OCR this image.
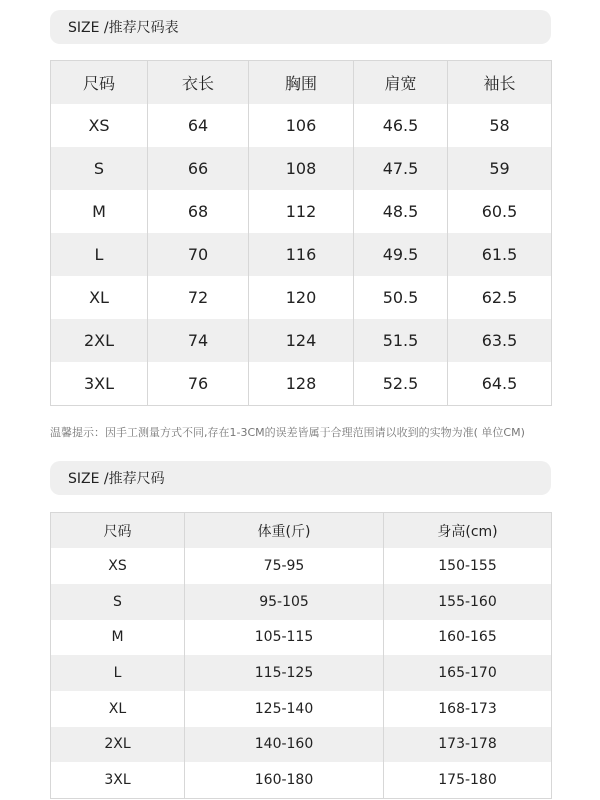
SIZE /推荐尺码表
尺码	衣长	胸围	肩宽	袖长
XS	64	106	46.5	58
S	66	108	47.5	59
M	68	112	48.5	60.5
L	70	116	49.5	61.5
XL	72	120	50.5	62.5
2XL	74	124	51.5	63.5
3XL	76	128	52.5	64.5
温馨提示：因手工测量方式不同,存在1-3CM的误差皆属于合理范围请以收到的实物为准( 单位CM)
SIZE /推荐尺码
尺码	体重(斤)	身高(cm)
XS	75-95	150-155
S	95-105	155-160
M	105-115	160-165
L	115-125	165-170
XL	125-140	168-173
2XL	140-160	173-178
3XL	160-180	175-180
